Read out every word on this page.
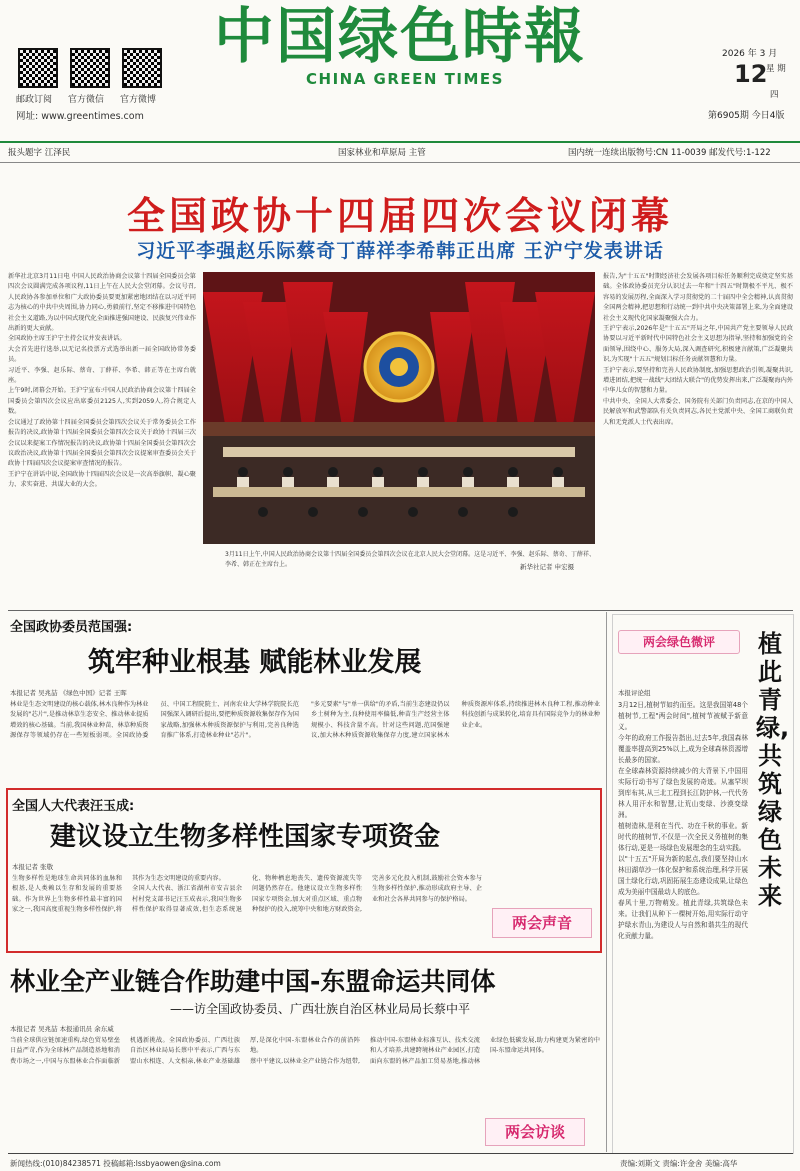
邮政订阅 官方微信 官方微博
网址: www.greentimes.com
中国绿色時報
CHINA GREEN TIMES
2026 年 3 月
12
星 期
四
第6905期 今日4版
报头题字 江泽民	国家林业和草原局 主管	国内统一连续出版物号:CN 11-0039 邮发代号:1-122
全国政协十四届四次会议闭幕
习近平李强赵乐际蔡奇丁薛祥李希韩正出席 王沪宁发表讲话
新华社北京3月11日电 中国人民政治协商会议第十四届全国委员会第四次会议圆满完成各项议程,11日上午在人民大会堂闭幕。会议号召,人民政协各参加单位和广大政协委员要更加紧密地团结在以习近平同志为核心的中共中央周围,协力同心,勇毅前行,坚定不移推进中国特色社会主义道路,为以中国式现代化全面推进强国建设、民族复兴伟业作出新的更大贡献。
全国政协主席王沪宁主持会议并发表讲话。
大会首先进行选举,以无记名投票方式选举出新一届全国政协常务委员。
习近平、李强、赵乐际、蔡奇、丁薛祥、李希、韩正等在主席台就座。
上午9时,闭幕会开始。王沪宁宣布:中国人民政治协商会议第十四届全国委员会第四次会议应出席委员2125人,实到2059人,符合规定人数。
会议通过了政协第十四届全国委员会第四次会议关于常务委员会工作报告的决议,政协第十四届全国委员会第四次会议关于政协十四届三次会议以来提案工作情况报告的决议,政协第十四届全国委员会第四次会议政治决议,政协第十四届全国委员会第四次会议提案审查委员会关于政协十四届四次会议提案审查情况的报告。
王沪宁在讲话中说,全国政协十四届四次会议是一次高举旗帜、凝心聚力、求实奋进、共谋大业的大会。
3月11日上午,中国人民政治协商会议第十四届全国委员会第四次会议在北京人民大会堂闭幕。这是习近平、李强、赵乐际、蔡奇、丁薛祥、李希、韩正在主席台上。	新华社记者 申宏摄
报告,为"十五五"时期经济社会发展各项目标任务顺利完成奠定坚实基础。全体政协委员充分认识过去一年和"十四五"时期极不平凡、极不容易的发展历程,全面深入学习贯彻党的二十届四中全会精神,认真贯彻全国两会精神,把思想和行动统一到中共中央决策部署上来,为全面建设社会主义现代化国家凝聚强大合力。
王沪宁表示,2026年是"十五五"开局之年,中国共产党主要领导人民政协要以习近平新时代中国特色社会主义思想为指导,坚持和加强党的全面领导,围绕中心、服务大局,深入调查研究,积极建言献策,广泛凝聚共识,为实现"十五五"规划目标任务贡献智慧和力量。
王沪宁表示,要坚持和完善人民政协制度,加强思想政治引领,凝聚共识,增进团结,把统一战线"大团结大联合"的优势发挥出来,广泛凝聚海内外中华儿女的智慧和力量。
中共中央、全国人大常委会、国务院有关部门负责同志,在京的中国人民解放军和武警部队有关负责同志,各民主党派中央、全国工商联负责人和无党派人士代表出席。
全国政协委员范国强:
筑牢种业根基 赋能林业发展
本报记者 吴兆喆 《绿色中国》记者 王晖
林业是生态文明建设的核心载体,林木良种作为林业发展的"芯片",是推动林草生态安全、推动林业提质增效的核心基础。当前,我国林业种苗、林草种质资源保存等领域仍存在一些短板弱项。全国政协委员、中国工程院院士、河南农业大学林学院院长范国强深入调研后提出,要把种质资源收集保存作为国家战略,加强林木种质资源保护与利用,完善良种选育推广体系,打造林业种业"芯片"。
"多元要素"与"单一供给"的矛盾,当前生态建设仍以乡土树种为主,良种使用率偏低,种苗生产经营主体规模小、科技含量不高。针对这些问题,范国强建议,加大林木种质资源收集保存力度,建立国家林木种质资源库体系,持续推进林木良种工程,推动种业科技创新与成果转化,培育具有国际竞争力的林业种业企业。
全国人大代表汪玉成:
建议设立生物多样性国家专项资金
本报记者 张敬
生物多样性是地球生命共同体的血脉和根基,是人类赖以生存和发展的重要基础。作为世界上生物多样性最丰富的国家之一,我国高度重视生物多样性保护,将其作为生态文明建设的重要内容。
全国人大代表、浙江省湖州市安吉县余村村党支部书记汪玉成表示,我国生物多样性保护取得显著成效,但生态系统退化、物种栖息地丧失、遗传资源流失等问题仍然存在。他建议设立生物多样性国家专项资金,加大对重点区域、重点物种保护的投入,统筹中央和地方财政资金,完善多元化投入机制,鼓励社会资本参与生物多样性保护,推动形成政府主导、企业和社会各界共同参与的保护格局。
两会声音
林业全产业链合作助建中国-东盟命运共同体
——访全国政协委员、广西壮族自治区林业局局长蔡中平
本报记者 吴兆喆 本报通讯员 余东威
当前全球供应链加速重构,绿色贸易壁垒日益严苛,作为全球林产品制造基地和消费市场之一,中国与东盟林业合作面临新机遇新挑战。全国政协委员、广西壮族自治区林业局局长蔡中平表示,广西与东盟山水相连、人文相亲,林业产业基础雄厚,是深化中国-东盟林业合作的前沿阵地。
蔡中平建议,以林业全产业链合作为纽带,推动中国-东盟林业标准互认、技术交流和人才培养,共建跨境林业产业园区,打造面向东盟的林产品加工贸易基地,推动林业绿色低碳发展,助力构建更为紧密的中国-东盟命运共同体。
两会访谈
两会绿色微评	植此青绿,共筑绿色未来
本报评论组
3月12日,植树节如约而至。这是我国第48个植树节,工程"两会时间",植树节被赋予新意义。
今年的政府工作报告指出,过去5年,我国森林覆盖率提高到25%以上,成为全球森林资源增长最多的国家。
在全球森林资源持续减少的大背景下,中国用实际行动书写了绿色发展的奇迹。从塞罕坝到库布其,从三北工程到长江防护林,一代代务林人用汗水和智慧,让荒山变绿、沙漠变绿洲。
植树造林,是利在当代、功在千秋的事业。新时代的植树节,不仅是一次全民义务植树的集体行动,更是一场绿色发展理念的生动实践。
以"十五五"开局为新的起点,我们要坚持山水林田湖草沙一体化保护和系统治理,科学开展国土绿化行动,巩固拓展生态建设成果,让绿色成为美丽中国最动人的底色。
春风十里,万物萌发。植此青绿,共筑绿色未来。让我们从种下一棵树开始,用实际行动守护绿水青山,为建设人与自然和谐共生的现代化贡献力量。
新闻热线:(010)84238571 投稿邮箱:lssbyaowen@sina.com	责编:刘斯文 责编:许金舍 美编:高华
